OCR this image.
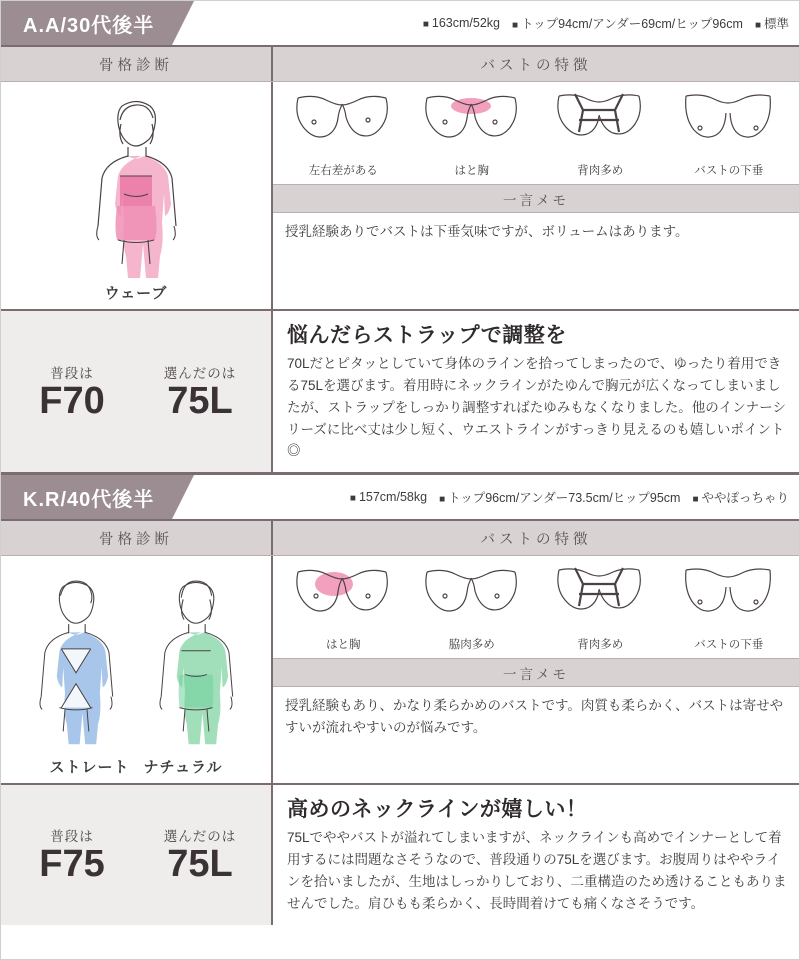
A.A/30代後半	■ 163cm/52kg	■ トップ94cm/アンダー69cm/ヒップ96cm	■ 標準
骨格診断	バストの特徴
ウェーブ
左右差がある	はと胸	背肉多め	バストの下垂
一言メモ
授乳経験ありでバストは下垂気味ですが、ボリュームはあります。
普段は
F70
選んだのは
75L
悩んだらストラップで調整を
70Lだとピタッとしていて身体のラインを拾ってしまったので、ゆったり着用できる75Lを選びます。着用時にネックラインがたゆんで胸元が広くなってしまいましたが、ストラップをしっかり調整すればたゆみもなくなりました。他のインナーシリーズに比べ丈は少し短く、ウエストラインがすっきり見えるのも嬉しいポイント◎
K.R/40代後半	■ 157cm/58kg	■ トップ96cm/アンダー73.5cm/ヒップ95cm	■ ややぽっちゃり
骨格診断	バストの特徴
ストレート ナチュラル
はと胸	脇肉多め	背肉多め	バストの下垂
一言メモ
授乳経験もあり、かなり柔らかめのバストです。肉質も柔らかく、バストは寄せやすいが流れやすいのが悩みです。
普段は
F75
選んだのは
75L
高めのネックラインが嬉しい！
75Lでややバストが溢れてしまいますが、ネックラインも高めでインナーとして着用するには問題なさそうなので、普段通りの75Lを選びます。お腹周りはややラインを拾いましたが、生地はしっかりしており、二重構造のため透けることもありませんでした。肩ひもも柔らかく、長時間着けても痛くなさそうです。
